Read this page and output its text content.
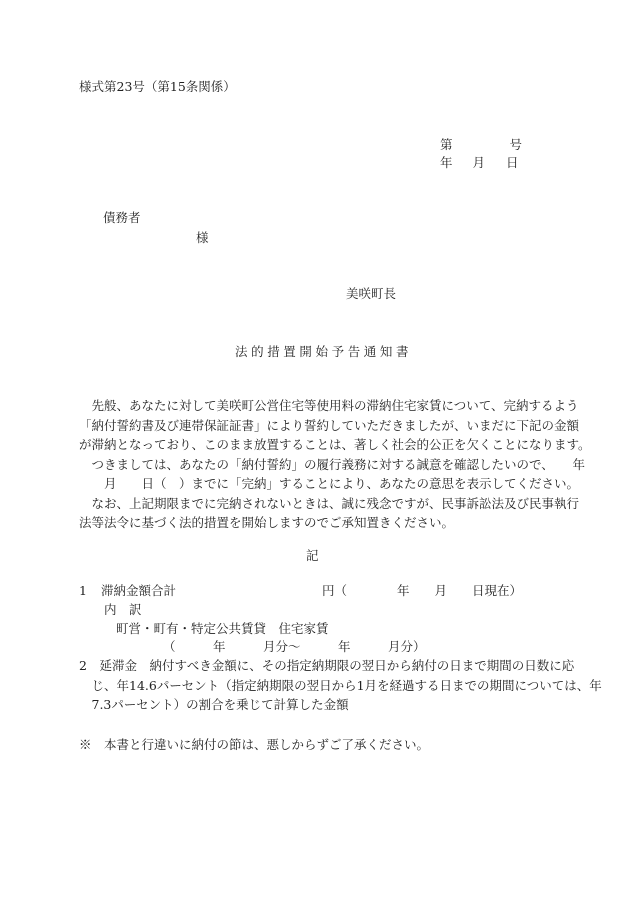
様式第23号（第15条関係）
第	号
年 月 日
債務者
様
美咲町長
法的措置開始予告通知書
　先般、あなたに対して美咲町公営住宅等使用料の滞納住宅家賃について、完納するよう
「納付誓約書及び連帯保証証書」により誓約していただきましたが、いまだに下記の金額
が滞納となっており、このまま放置することは、著しく社会的公正を欠くことになります。
　つきましては、あなたの「納付誓約」の履行義務に対する誠意を確認したいので、　　年
　　月　　日（　）までに「完納」することにより、あなたの意思を表示してください。
　なお、上記期限までに完納されないときは、誠に残念ですが、民事訴訟法及び民事執行
法等法令に基づく法的措置を開始しますのでご承知置きください。
記
1 滞納金額合計	円（　　　　年　　月　　日現在）
内　訳
町営・町有・特定公共賃貸　住宅家賃
（　　　年　　　月分～　　　年　　　月分）
2　延滞金　納付すべき金額に、その指定納期限の翌日から納付の日まで期間の日数に応
　じ、年14.6パーセント（指定納期限の翌日から1月を経過する日までの期間については、年
　7.3パーセント）の割合を乗じて計算した金額
※　本書と行違いに納付の節は、悪しからずご了承ください。
